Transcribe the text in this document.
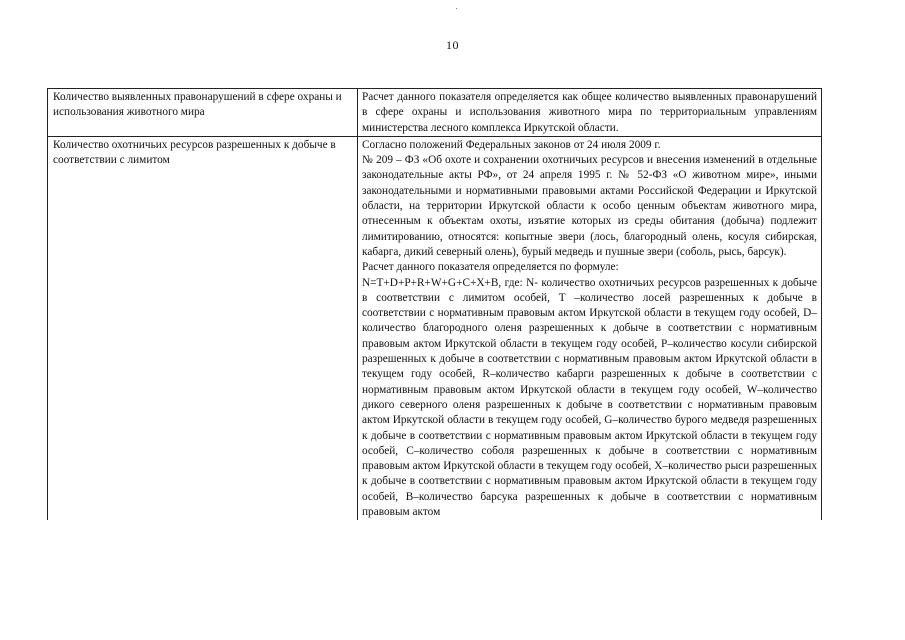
10
Количество выявленных правонарушений в сфере охраны и использования животного мира	Расчет данного показателя определяется как общее количество выявленных правонарушений в сфере охраны и использования животного мира по территориальным управлениям министерства лесного комплекса Иркутской области.

Количество охотничьих ресурсов разрешенных к добыче в соответствии с лимитом	Согласно положений Федеральных законов от 24 июля 2009 г.
№ 209 – ФЗ «Об охоте и сохранении охотничьих ресурсов и внесения изменений в отдельные законодательные акты РФ», от 24 апреля 1995 г. № 52-ФЗ «О животном мире», иными законодательными и нормативными правовыми актами Российской Федерации и Иркутской области, на территории Иркутской области к особо ценным объектам животного мира, отнесенным к объектам охоты, изъятие которых из среды обитания (добыча) подлежит лимитированию, относятся: копытные звери (лось, благородный олень, косуля сибирская, кабарга, дикий северный олень), бурый медведь и пушные звери (соболь, рысь, барсук).
Расчет данного показателя определяется по формуле:
N=T+D+P+R+W+G+C+X+B, где: N- количество охотничьих ресурсов разрешенных к добыче в соответствии с лимитом особей, T –количество лосей разрешенных к добыче в соответствии с нормативным правовым актом Иркутской области в текущем году особей, D–количество благородного оленя разрешенных к добыче в соответствии с нормативным правовым актом Иркутской области в текущем году особей, P–количество косули сибирской разрешенных к добыче в соответствии с нормативным правовым актом Иркутской области в текущем году особей, R–количество кабарги разрешенных к добыче в соответствии с нормативным правовым актом Иркутской области в текущем году особей, W–количество дикого северного оленя разрешенных к добыче в соответствии с нормативным правовым актом Иркутской области в текущем году особей, G–количество бурого медведя разрешенных к добыче в соответствии с нормативным правовым актом Иркутской области в текущем году особей, C–количество соболя разрешенных к добыче в соответствии с нормативным правовым актом Иркутской области в текущем году особей, X–количество рыси разрешенных к добыче в соответствии с нормативным правовым актом Иркутской области в текущем году особей, B–количество барсука разрешенных к добыче в соответствии с нормативным правовым актом
